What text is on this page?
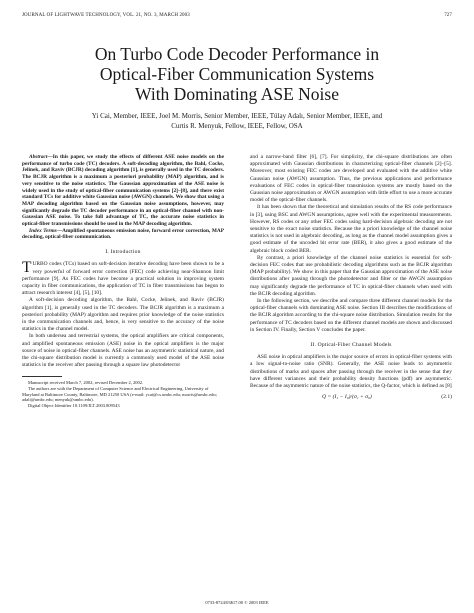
JOURNAL OF LIGHTWAVE TECHNOLOGY, VOL. 21, NO. 3, MARCH 2003	727
On Turbo Code Decoder Performance in
Optical-Fiber Communication Systems
With Dominating ASE Noise
Yi Cai, Member, IEEE, Joel M. Morris, Senior Member, IEEE, Tülay Adalı, Senior Member, IEEE, and
Curtis R. Menyuk, Fellow, IEEE, Fellow, OSA

Abstract—In this paper, we study the effects of different ASE noise models on the performance of turbo code (TC) decoders. A soft-decoding algorithm, the Bahl, Cocke, Jelinek, and Raviv (BCJR) decoding algorithm [1], is generally used in the TC decoders. The BCJR algorithm is a maximum a posteriori probability (MAP) algorithm, and is very sensitive to the noise statistics. The Gaussian approximation of the ASE noise is widely used in the study of optical-fiber communication systems [2]–[8], and there exist standard TCs for additive white Gaussian noise (AWGN) channels. We show that using a MAP decoding algorithm based on the Gaussian noise assumptions, however, may significantly degrade the TC decoder performance in an optical-fiber channel with non-Gaussian ASE noise. To take full advantage of TC, the accurate noise statistics in optical-fiber transmissions should be used in the MAP decoding algorithm.

Index Terms—Amplified spontaneous emission noise, forward error correction, MAP decoding, optical-fiber communication.

I. Introduction

TURBO codes (TCs) based on soft-decision iterative decoding have been shown to be a very powerful of forward error correction (FEC) code achieving near-Shannon limit performance [9]. As FEC codes have become a practical solution in improving system capacity in fiber communications, the application of TC in fiber transmissions has begun to attract research interest [4], [5], [10].

A soft-decision decoding algorithm, the Bahl, Cocke, Jelinek, and Raviv (BCJR) algorithm [1], is generally used in the TC decoders. The BCJR algorithm is a maximum a posteriori probability (MAP) algorithm and requires prior knowledge of the noise statistics in the communication channels and, hence, is very sensitive to the accuracy of the noise statistics in the channel model.

In both undersea and terrestrial systems, the optical amplifiers are critical components, and amplified spontaneous emission (ASE) noise in the optical amplifiers is the major source of noise in optical-fiber channels. ASE noise has an asymmetric statistical nature, and the chi-square distribution model is currently a commonly used model of the ASE noise statistics in the receiver after passing through a square law photodetector

Manuscript received March 7, 2002; revised December 2, 2002.

The authors are with the Department of Computer Science and Electrical Engineering, University of Maryland at Baltimore County, Baltimore, MD 21250 USA (e-mail: ycai@cs.umbc.edu; morris@umbc.edu; adali@umbc.edu; menyuk@umbc.edu).

Digital Object Identifier 10.1109/JLT.2003.809543

and a narrow-band filter [6], [7]. For simplicity, the chi-square distributions are often approximated with Gaussian distributions in characterizing optical-fiber channels [2]–[5]. Moreover, most existing FEC codes are developed and evaluated with the additive white Gaussian noise (AWGN) assumption. Thus, the previous applications and performance evaluations of FEC codes in optical-fiber transmission systems are mostly based on the Gaussian noise approximation or AWGN assumption with little effort to use a more accurate model of the optical-fiber channels.

It has been shown that the theoretical and simulation results of the RS code performance in [3], using BSC and AWGN assumptions, agree well with the experimental measurements. However, RS codes or any other FEC codes using hard-decision algebraic decoding are not sensitive to the exact noise statistics. Because the a priori knowledge of the channel noise statistics is not used in algebraic decoding, as long as the channel model assumption gives a good estimate of the uncoded bit error rate (BER), it also gives a good estimate of the algebraic block coded BER.

By contrast, a priori knowledge of the channel noise statistics is essential for soft-decision FEC codes that use probabilistic decoding algorithms such as the BCJR algorithm (MAP probability). We show in this paper that the Gaussian approximation of the ASE noise distributions after passing through the photodetector and filter or the AWGN assumption may significantly degrade the performance of TC in optical-fiber channels when used with the BCJR decoding algorithm.

In the following section, we describe and compare three different channel models for the optical-fiber channels with dominating ASE noise. Section III describes the modifications of the BCJR algorithm according to the chi-square noise distribution. Simulation results for the performance of TC decoders based on the different channel models are shown and discussed in Section IV. Finally, Section V concludes the paper.

II. Optical-Fiber Channel Models

ASE noise in optical amplifiers is the major source of errors in optical-fiber systems with a low signal-to-noise ratio (SNR). Generally, the ASE noise leads to asymmetric distributions of marks and spaces after passing through the receiver in the sense that they have different variances and their probability density functions (pdf) are asymmetric. Because of the asymmetric nature of the noise statistics, the Q-factor, which is defined as [8]

Q = (I₁ − I₀)/(σ₁ + σ₀)	(2.1)
0733-8724/03$17.00 © 2003 IEEE
